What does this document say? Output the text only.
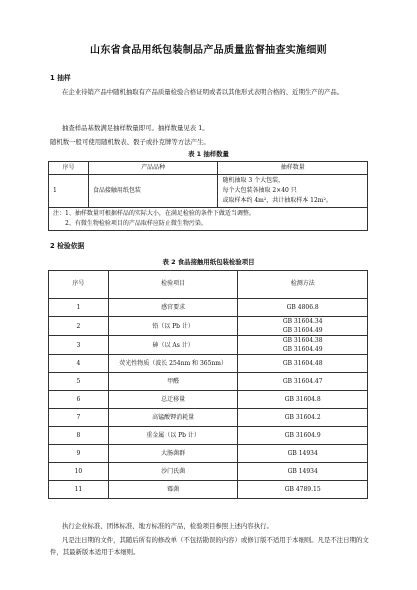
山东省食品用纸包装制品产品质量监督抽查实施细则
1 抽样
在企业待销产品中随机抽取有产品质量检验合格证明或者以其他形式表明合格的、近期生产的产品。
抽查样品基数满足抽样数量即可。抽样数量见表 1。
随机数一般可使用随机数表、骰子或扑克牌等方法产生。
表 1 抽样数量
序号	产品品种	抽样数量
1	食品接触用纸包装	随机抽取 3 个大包装，
每个大包装各抽取 2×40 只
或取样本约 4m²，共计抽取样本 12m²。

注：1、抽样数量可根据样品的实际大小，在满足检验的条件下做适当调整。
2、有微生物检验项目的产品取样应防止微生物污染。		
2 检验依据
表 2 食品接触用纸包装检验项目
序号	检验项目	检测方法
1	感官要求	GB 4806.8
2	铅（以 Pb 计）	GB 31604.34
GB 31604.49

3	砷（以 As 计）	GB 31604.38
GB 31604.49

4	荧光性物质（波长 254nm 和 365nm）	GB 31604.48
5	甲醛	GB 31604.47
6	总迁移量	GB 31604.8
7	高锰酸钾消耗量	GB 31604.2
8	重金属（以 Pb 计）	GB 31604.9
9	大肠菌群	GB 14934
10	沙门氏菌	GB 14934
11	霉菌	GB 4789.15
执行企业标准、团体标准、地方标准的产品，检验项目参照上述内容执行。
凡是注日期的文件，其随后所有的修改单（不包括勘误的内容）或修订版不适用于本细则。凡是不注日期的文件，其最新版本适用于本细则。
